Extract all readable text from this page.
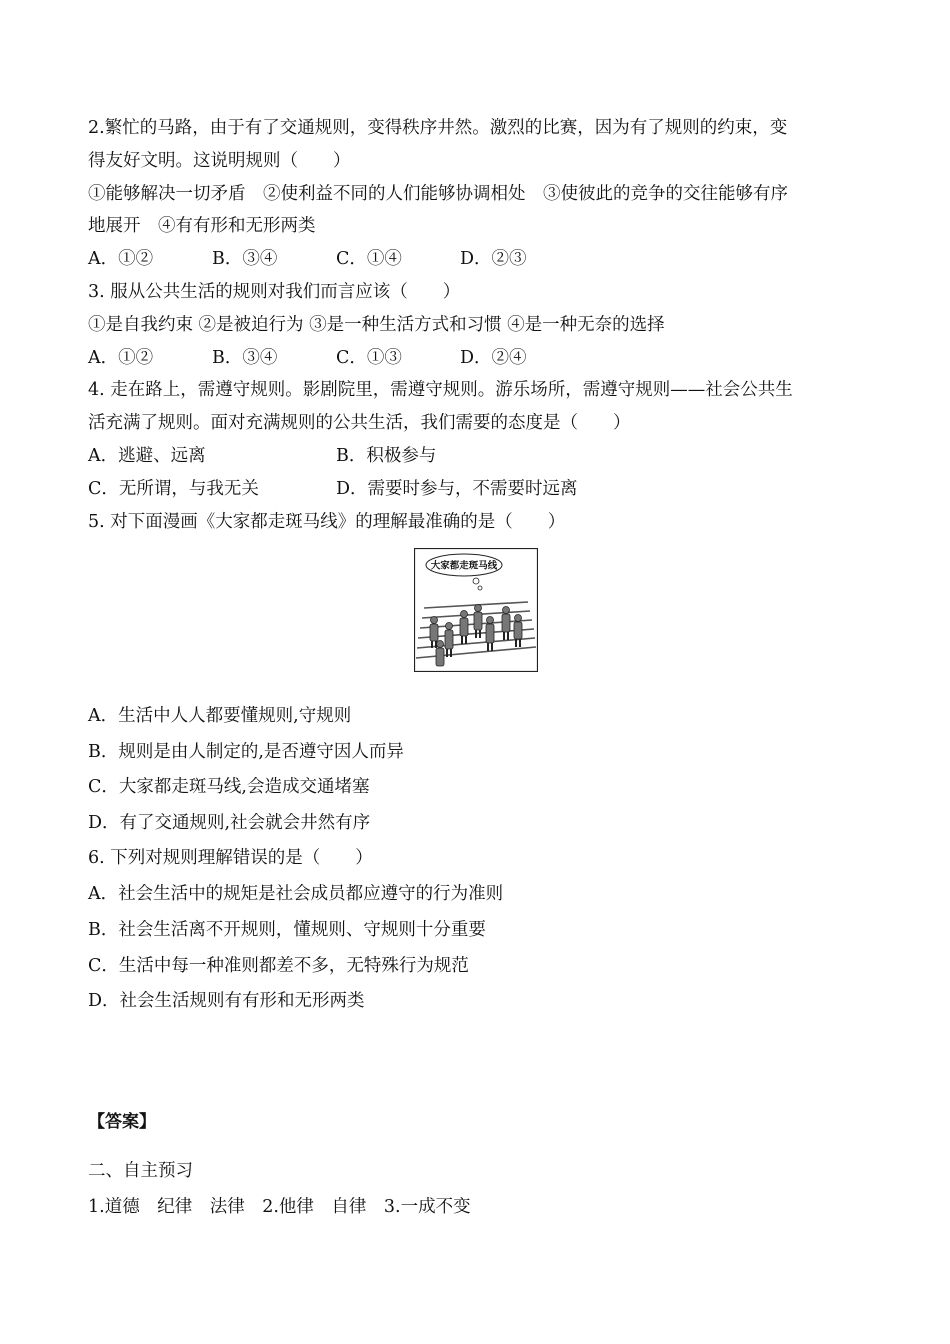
2.繁忙的马路，由于有了交通规则，变得秩序井然。激烈的比赛，因为有了规则的约束，变
得友好文明。这说明规则（　　）
①能够解决一切矛盾　②使利益不同的人们能够协调相处　③使彼此的竞争的交往能够有序
地展开　④有有形和无形两类
A．①②	B．③④	C．①④	D．②③
3. 服从公共生活的规则对我们而言应该（　　）
①是自我约束 ②是被迫行为 ③是一种生活方式和习惯 ④是一种无奈的选择
A．①②	B．③④	C．①③	D．②④
4. 走在路上，需遵守规则。影剧院里，需遵守规则。游乐场所，需遵守规则——社会公共生
活充满了规则。面对充满规则的公共生活，我们需要的态度是（　　）
A．逃避、远离	B．积极参与
C．无所谓，与我无关	D．需要时参与，不需要时远离
5. 对下面漫画《大家都走斑马线》的理解最准确的是（　　）
大家都走斑马线
A．生活中人人都要懂规则,守规则
B．规则是由人制定的,是否遵守因人而异
C．大家都走斑马线,会造成交通堵塞
D．有了交通规则,社会就会井然有序
6. 下列对规则理解错误的是（　　）
A．社会生活中的规矩是社会成员都应遵守的行为准则
B．社会生活离不开规则，懂规则、守规则十分重要
C．生活中每一种准则都差不多，无特殊行为规范
D．社会生活规则有有形和无形两类
【答案】
二、自主预习
1.道德　纪律　法律　2.他律　自律　3.一成不变
